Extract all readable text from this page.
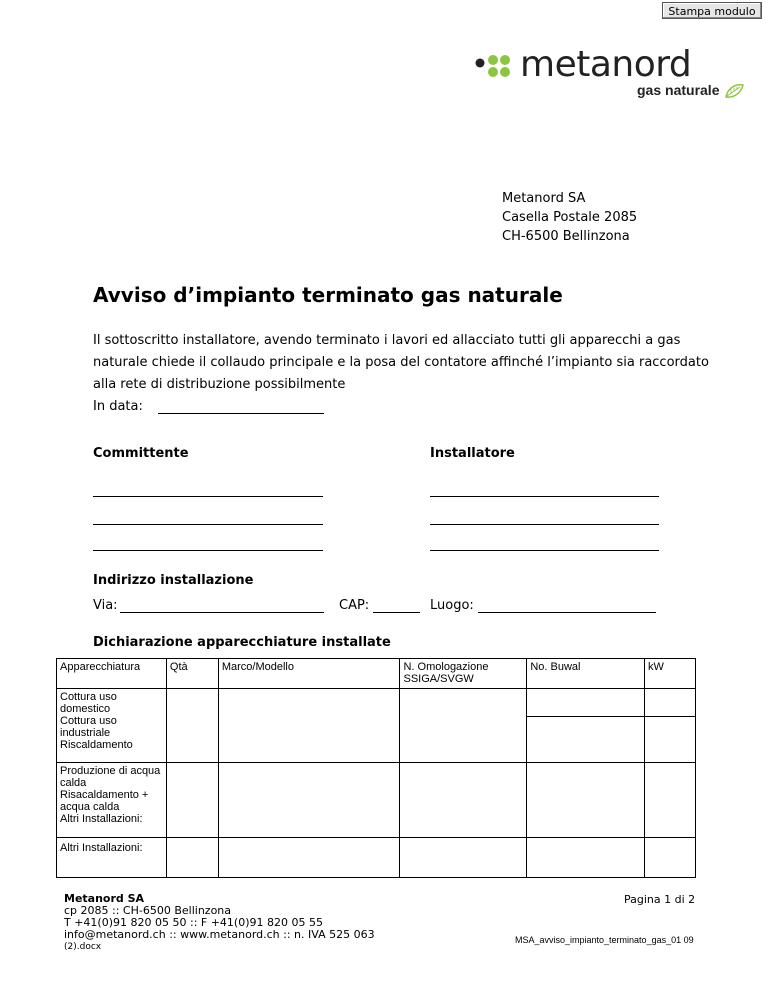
Stampa modulo
metanord
gas naturale
Metanord SA
Casella Postale 2085
CH-6500 Bellinzona
Avviso d’impianto terminato gas naturale
Il sottoscritto installatore, avendo terminato i lavori ed allacciato tutti gli apparecchi a gas naturale chiede il collaudo principale e la posa del contatore affinché l’impianto sia raccordato alla rete di distribuzione possibilmente
In data:
Committente	Installatore
Indirizzo installazione
Via:	CAP:	Luogo:
Dichiarazione apparecchiature installate
Apparecchiatura	Qtà	Marco/Modello	N. Omologazione SSIGA/SVGW	No. Buwal	kW

Cottura uso domestico
Cottura uso industriale
Riscaldamento					

Produzione di acqua calda
Risacaldamento + acqua calda
Altri Installazioni:					

Altri Installazioni:					

Metanord SA
cp 2085 :: CH-6500 Bellinzona
T +41(0)91 820 05 50 :: F +41(0)91 820 05 55
info@metanord.ch :: www.metanord.ch :: n. IVA 525 063
(2).docx
Pagina 1 di 2
MSA_avviso_impianto_terminato_gas_01 09
